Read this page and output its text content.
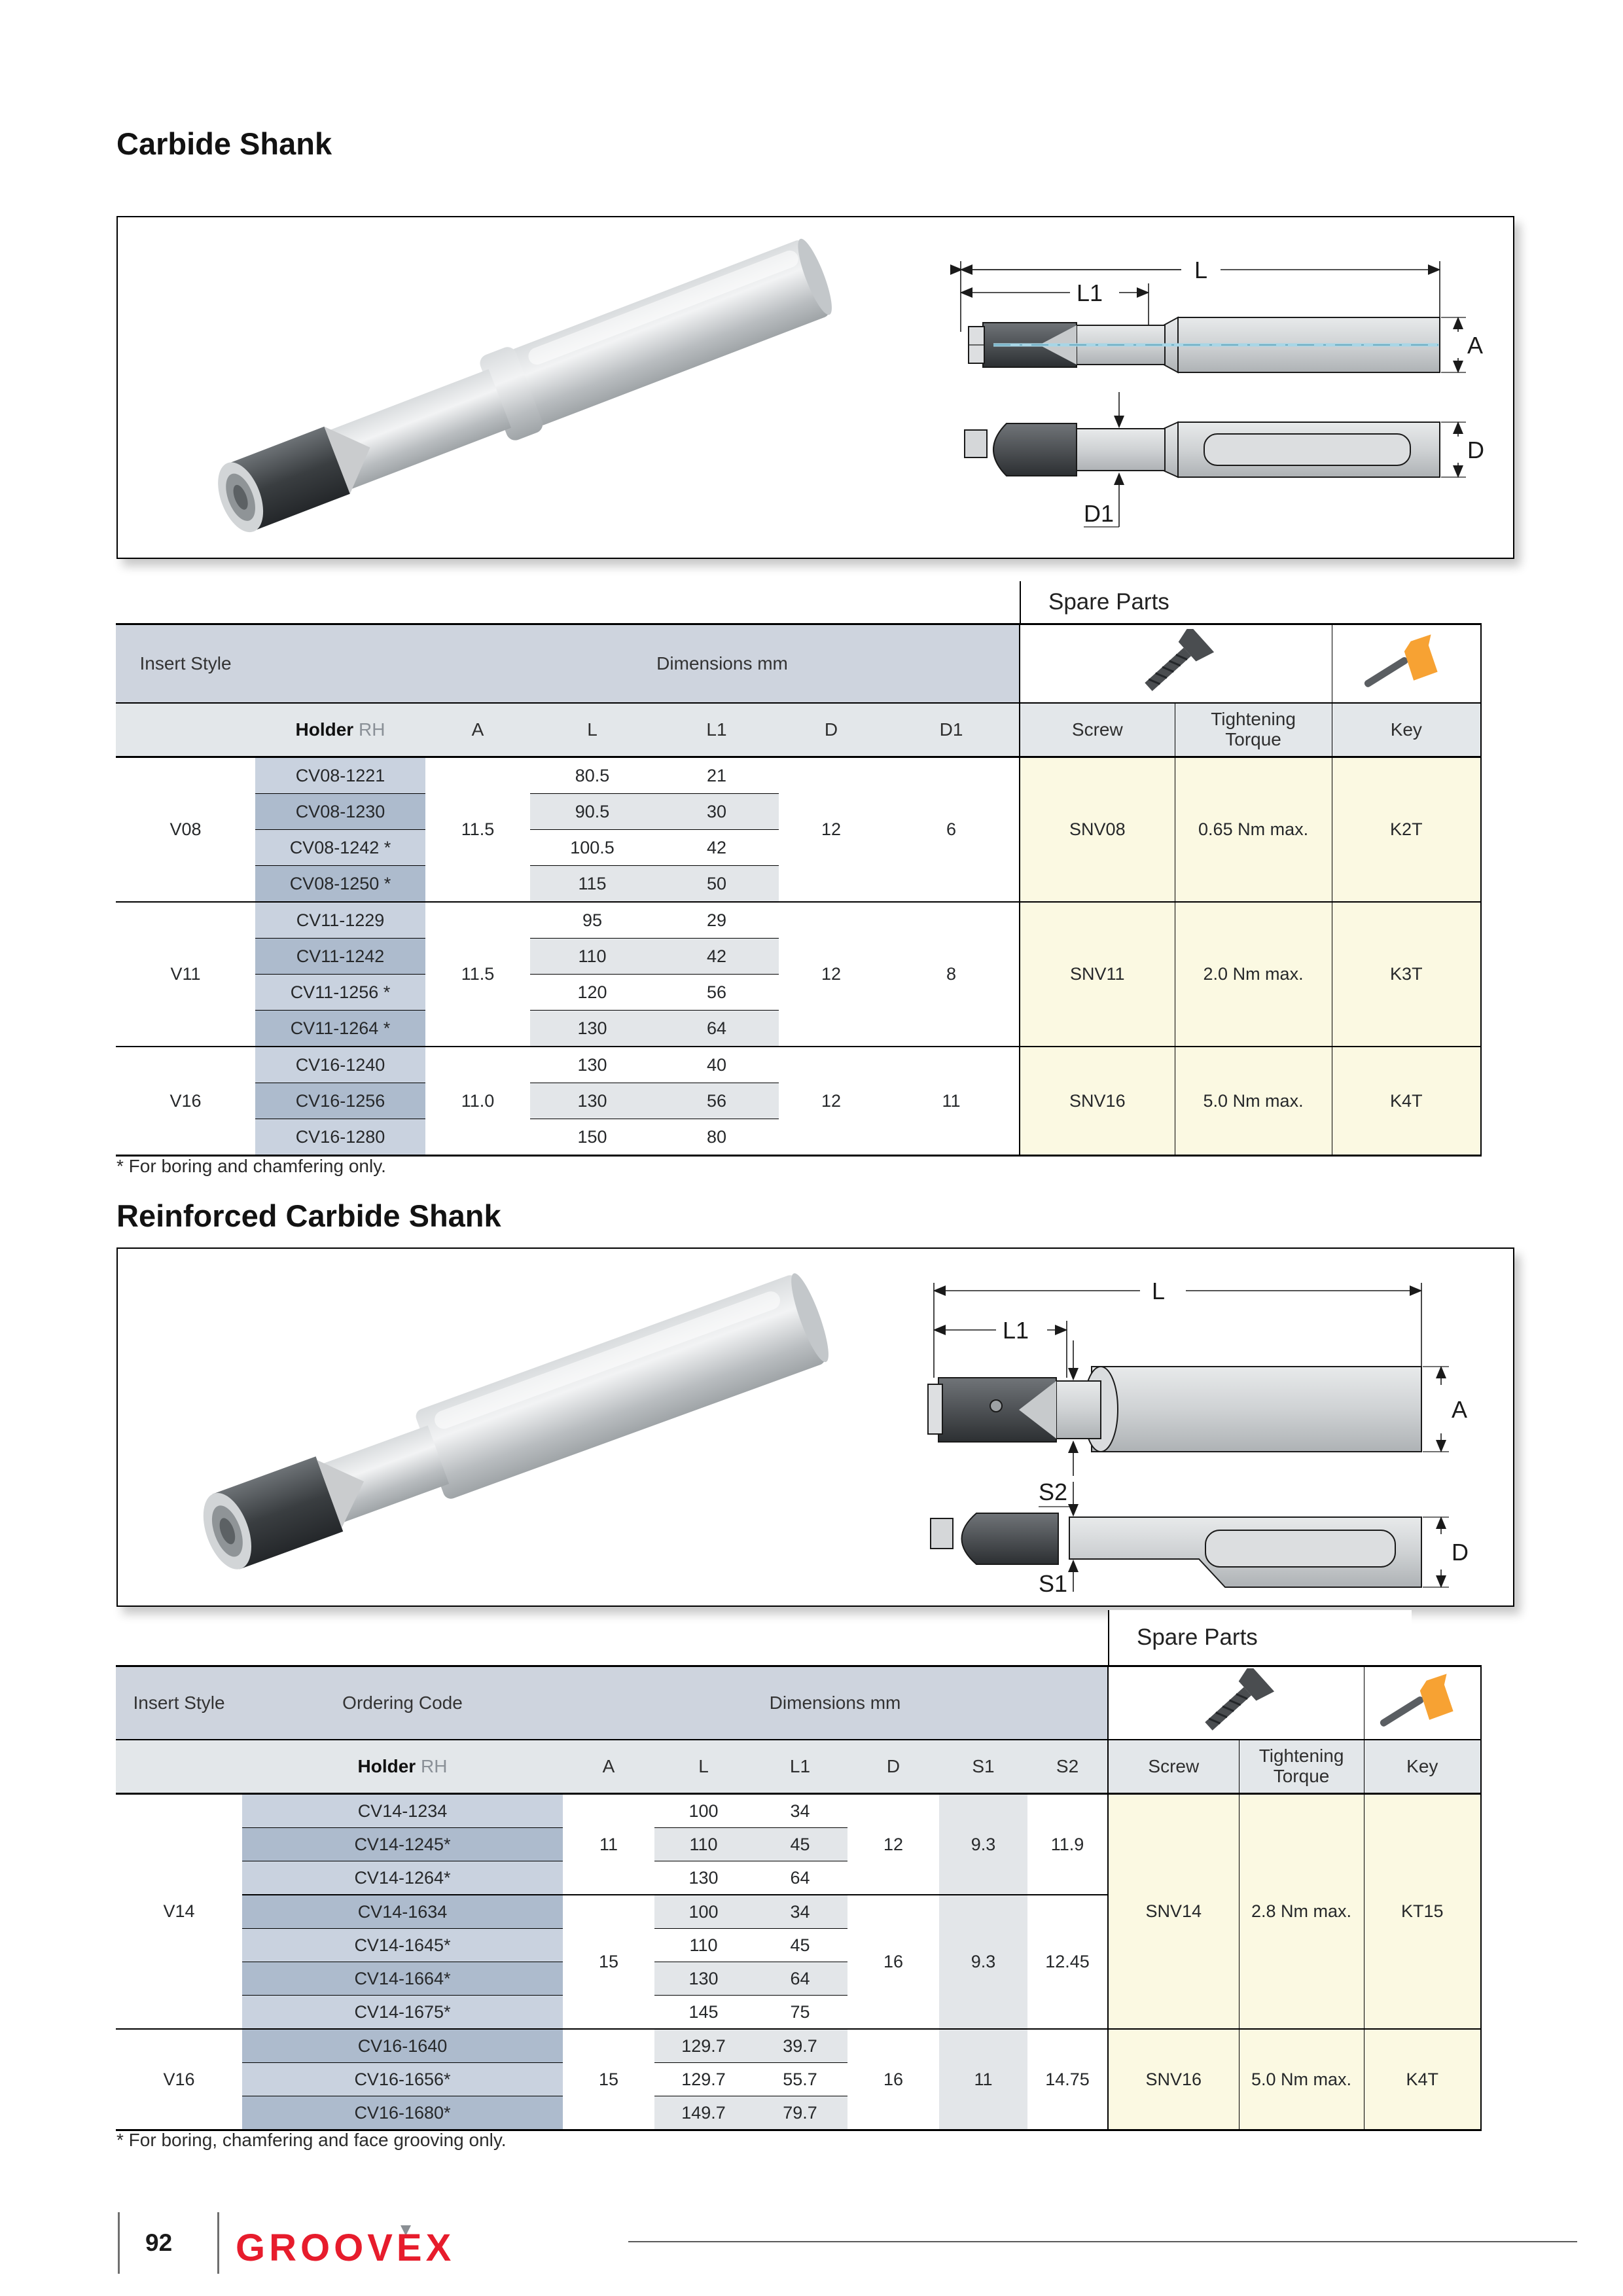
Carbide Shank
L
L1
A
D
D1
Spare Parts
Insert Style		Dimensions mm		
	Holder RH	A	L	L1	D	D1	Screw	Tightening Torque	Key
V08	CV08-1221	11.5	80.5	21	12	6	SNV08	0.65 Nm max.	K2T
	CV08-1230		90.5	30					
	CV08-1242 *		100.5	42					
	CV08-1250 *		115	50					
V11	CV11-1229	11.5	95	29	12	8	SNV11	2.0 Nm max.	K3T
	CV11-1242		110	42					
	CV11-1256 *		120	56					
	CV11-1264 *		130	64					
V16	CV16-1240	11.0	130	40	12	11	SNV16	5.0 Nm max.	K4T
	CV16-1256		130	56					
	CV16-1280		150	80					
* For boring and chamfering only.
Reinforced Carbide Shank
L
L1
A
S2
D
S1
Spare Parts
Insert Style	Ordering Code	Dimensions mm		
	Holder RH	A	L	L1	D	S1	S2	Screw	Tightening Torque	Key
V14	CV14-1234	11	100	34	12	9.3	11.9	SNV14	2.8 Nm max.	KT15
	CV14-1245*		110	45						
	CV14-1264*		130	64						
	CV14-1634	15	100	34	16	9.3	12.45			
	CV14-1645*		110	45						
	CV14-1664*		130	64						
	CV14-1675*		145	75						
V16	CV16-1640	15	129.7	39.7	16	11	14.75	SNV16	5.0 Nm max.	K4T
	CV16-1656*		129.7	55.7						
	CV16-1680*		149.7	79.7						
* For boring, chamfering and face grooving only.
92 GROOVEX
